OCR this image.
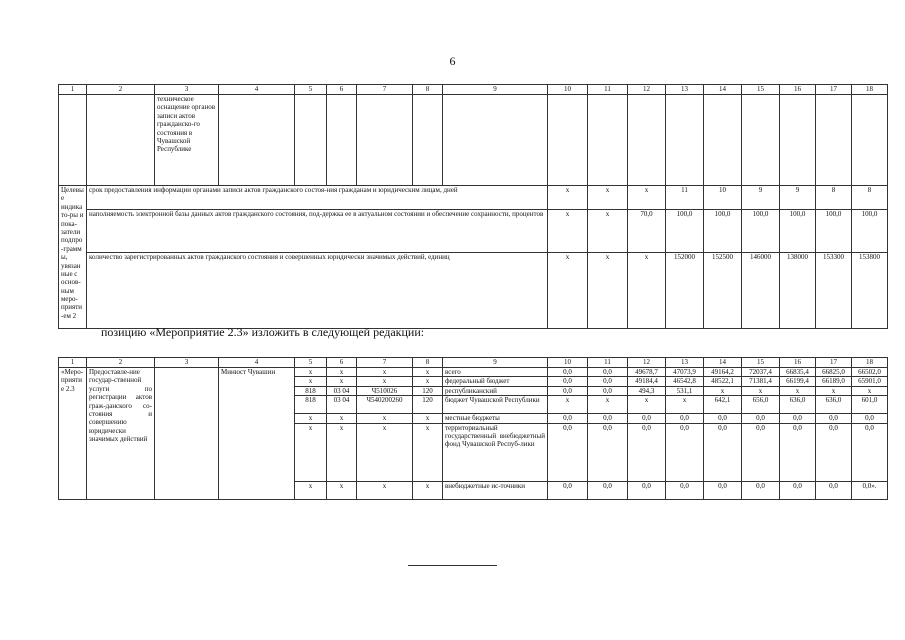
6
1	2	3	4	5	6	7	8	9	10	11	12	13	14	15	16	17	18	
		техническое оснащение органов записи актов гражданско-го состояния в Чувашской Республике																
Целевые индикато-ры и пока-затели подпро-граммы, увязанные с основ-ным меро-прияти-ем 2	срок предоставления информации органами записи актов гражданского состоя-ния гражданам и юридическим лицам, дней								х	х	х	11	10	9	9	8	8	
	наполняемость электронной базы данных актов гражданского состояния, под-держка ее в актуальном состоянии и обеспечение сохранности, процентов								х	х	70,0	100,0	100,0	100,0	100,0	100,0	100,0	
	количество зарегистрированных актов гражданского состояния и совершенных юридически значимых действий, единиц								х	х	х	152000	152500	146000	138000	153300	153800	
позицию «Мероприятие 2.3» изложить в следующей редакции:
1	2	3	4	5	6	7	8	9	10	11	12	13	14	15	16	17	18
«Меро-приятие 2.3	Предоставле-ние государ-ственной услуги по регистрации актов граж-данского со-стояния и совершению юридически значимых действий		Минюст Чувашии	х	х	х	х	всего	0,0	0,0	49678,7	47073,9	49164,2	72037,4	66835,4	66825,0	66502,0
				х	х	х	х	федеральный бюджет	0,0	0,0	49184,4	46542,8	48522,1	71381,4	66199,4	66189,0	65901,0
				818	03 04	Ч510026	120	республиканский	0,0	0,0	494,3	531,1	х	х	х	х	х
				818	03 04	Ч540200260	120	бюджет Чувашской Республики	х	х	х	х	642,1	656,0	636,0	636,0	601,0
				х	х	х	х	местные бюджеты	0,0	0,0	0,0	0,0	0,0	0,0	0,0	0,0	0,0
				х	х	х	х	территориальный государственный внебюджетный фонд Чувашской Респуб-лики	0,0	0,0	0,0	0,0	0,0	0,0	0,0	0,0	0,0
				х	х	х	х	внебюджетные ис-точники	0,0	0,0	0,0	0,0	0,0	0,0	0,0	0,0	0,0».
